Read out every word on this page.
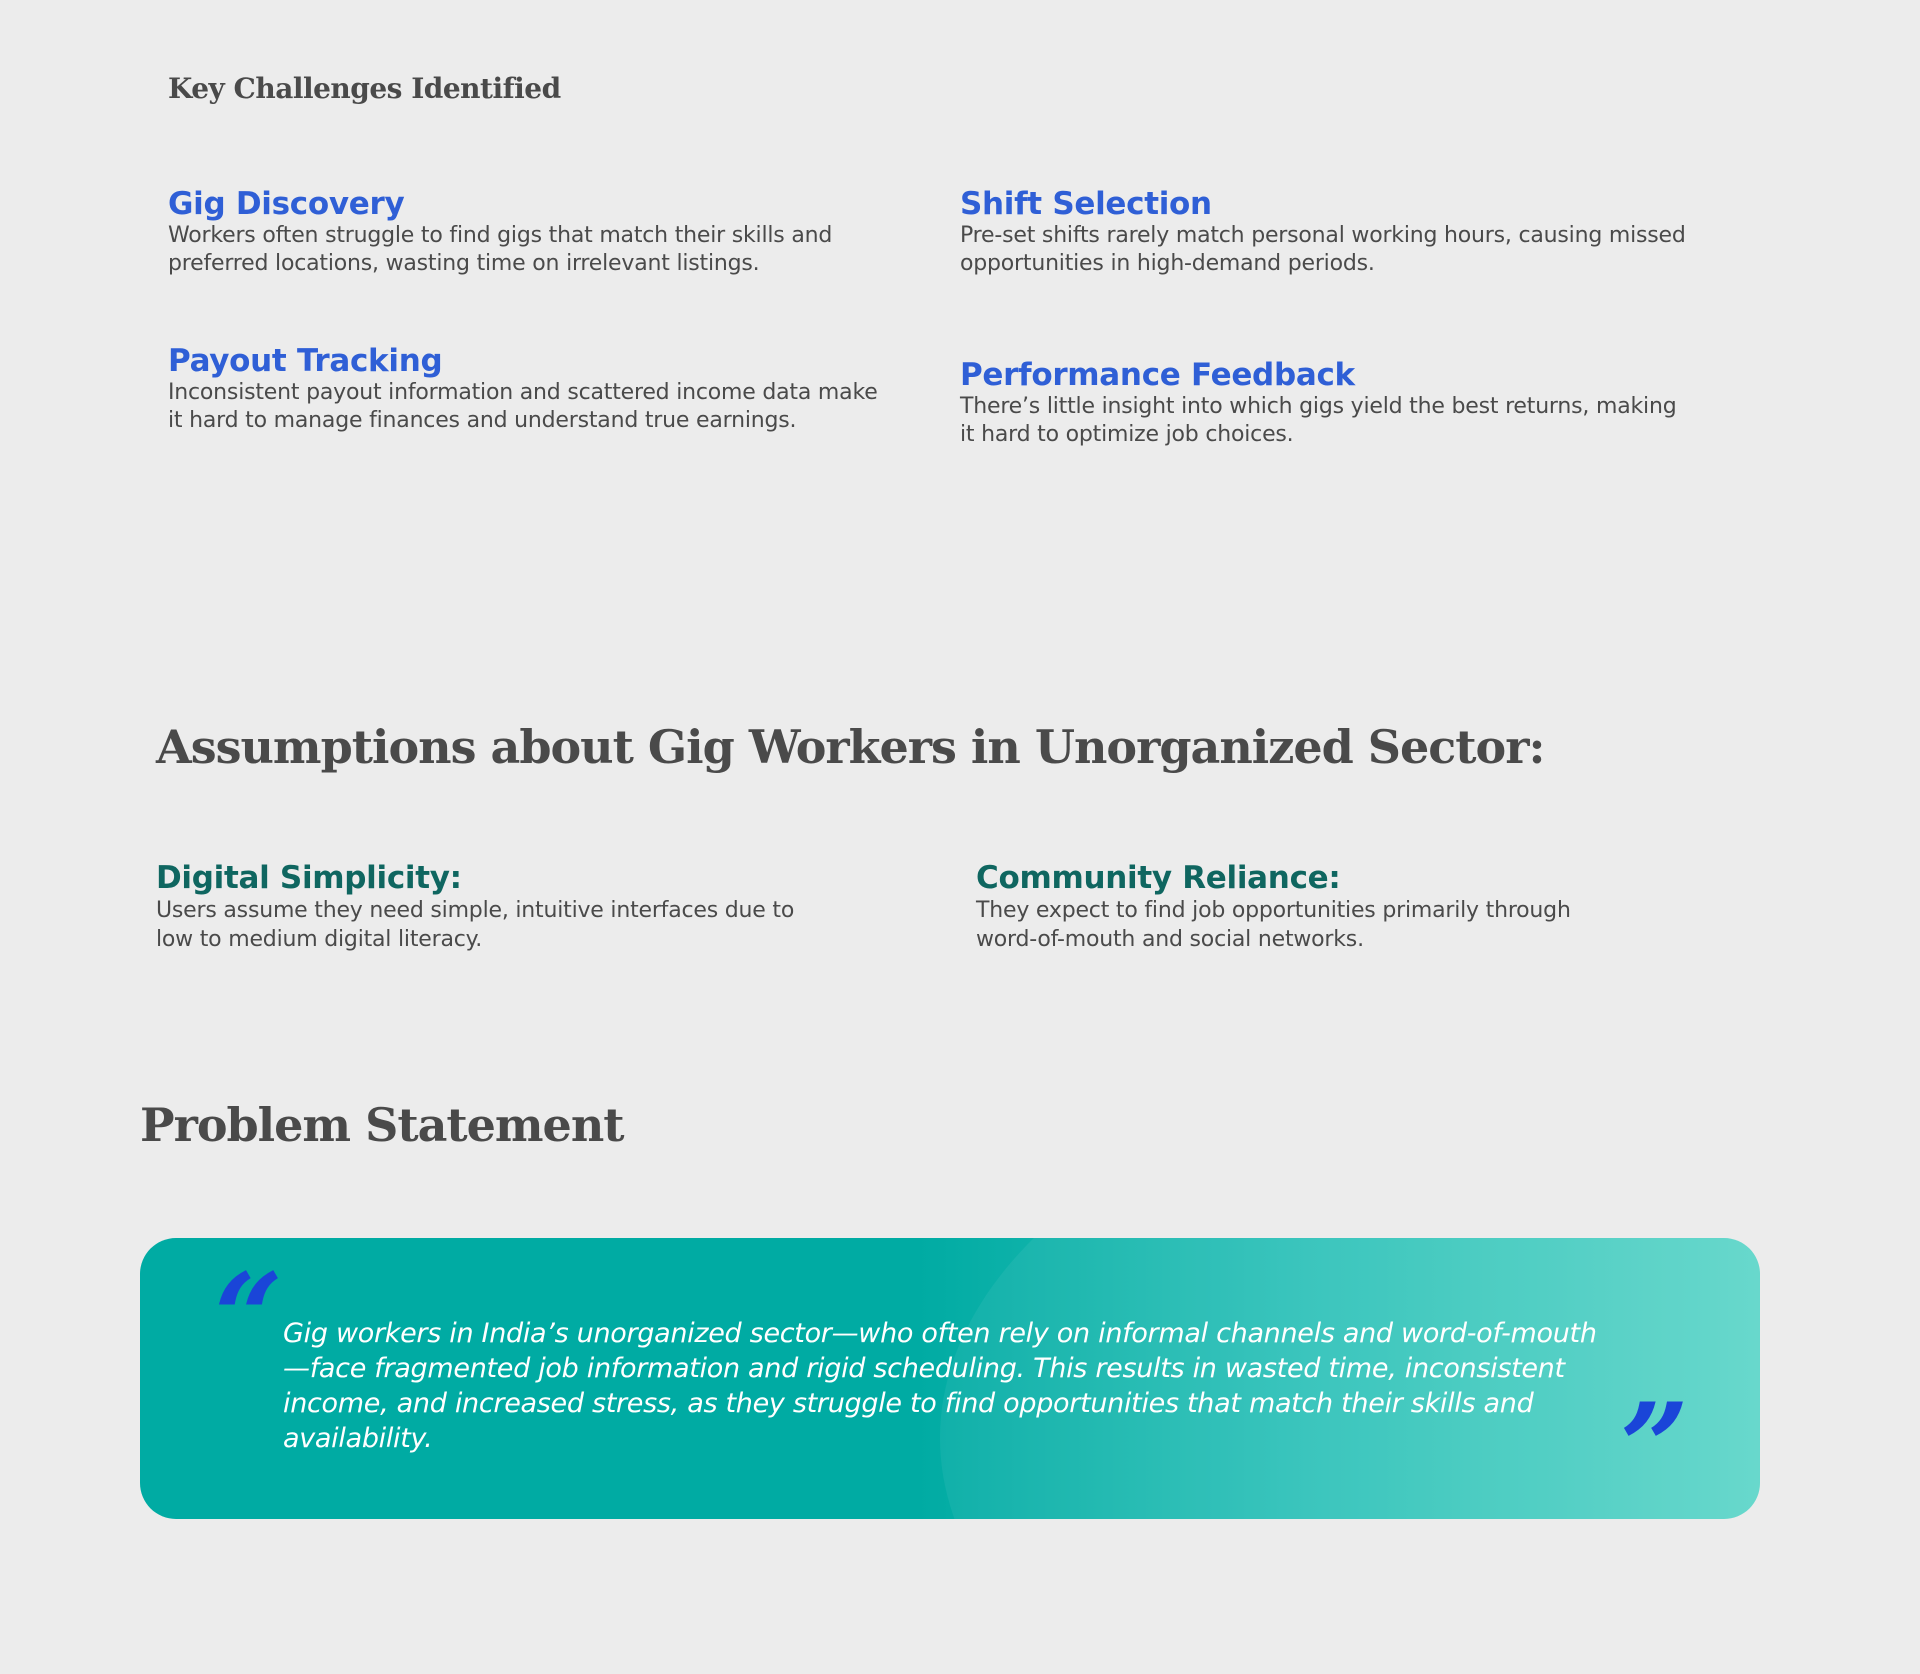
Key Challenges Identified
Gig Discovery

Workers often struggle to find gigs that match their skills and preferred locations, wasting time on irrelevant listings.

Shift Selection

Pre-set shifts rarely match personal working hours, causing missed opportunities in high-demand periods.

Payout Tracking

Inconsistent payout information and scattered income data make it hard to manage finances and understand true earnings.

Performance Feedback

There’s little insight into which gigs yield the best returns, making it hard to optimize job choices.

Assumptions about Gig Workers in Unorganized Sector:
Digital Simplicity:

Users assume they need simple, intuitive interfaces due to low to medium digital literacy.

Community Reliance:

They expect to find job opportunities primarily through word-of-mouth and social networks.

Problem Statement
“ Gig workers in India’s unorganized sector—who often rely on informal channels and word-of-mouth—face fragmented job information and rigid scheduling. This results in wasted time, inconsistent income, and increased stress, as they struggle to find opportunities that match their skills and availability.	”
